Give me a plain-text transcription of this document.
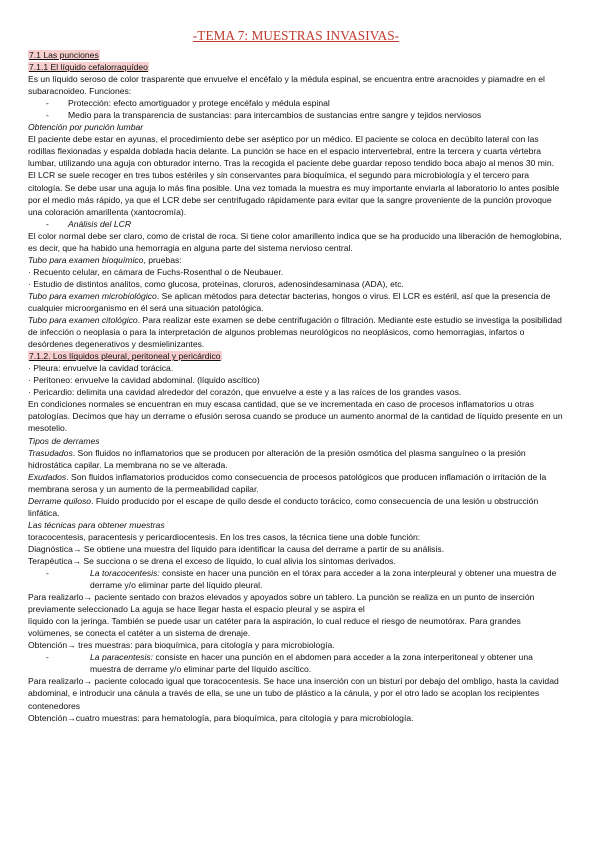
-TEMA 7: MUESTRAS INVASIVAS-

7.1 Las punciones

7.1.1 El líquido cefalorraquídeo

Es un líquido seroso de color trasparente que envuelve el encéfalo y la médula espinal, se encuentra entre aracnoides y piamadre en el subaracnoideo. Funciones:

- Protección: efecto amortiguador y protege encéfalo y médula espinal

- Medio para la transparencia de sustancias: para intercambios de sustancias entre sangre y tejidos nerviosos

Obtención por punción lumbar

El paciente debe estar en ayunas, el procedimiento debe ser aséptico por un médico. El paciente se coloca en decúbito lateral con las rodillas flexionadas y espalda doblada hacia delante. La punción se hace en el espacio intervertebral, entre la tercera y cuarta vértebra lumbar, utilizando una aguja con obturador interno. Tras la recogida el paciente debe guardar reposo tendido boca abajo al menos 30 min. El LCR se suele recoger en tres tubos estériles y sin conservantes para bioquímica, el segundo para microbiología y el tercero para citología. Se debe usar una aguja lo más fina posible. Una vez tomada la muestra es muy importante enviarla al laboratorio lo antes posible por el medio más rápido, ya que el LCR debe ser centrifugado rápidamente para evitar que la sangre proveniente de la punción provoque una coloración amarillenta (xantocromía).

- Análisis del LCR

El color normal debe ser claro, como de cristal de roca. Si tiene color amarillento indica que se ha producido una liberación de hemoglobina, es decir, que ha habido una hemorragia en alguna parte del sistema nervioso central.

Tubo para examen bioquímico, pruebas:

· Recuento celular, en cámara de Fuchs-Rosenthal o de Neubauer.

· Estudio de distintos analitos, como glucosa, proteínas, cloruros, adenosindesaminasa (ADA), etc.

Tubo para examen microbiológico. Se aplican métodos para detectar bacterias, hongos o virus. El LCR es estéril, así que la presencia de cualquier microorganismo en él será una situación patológica.

Tubo para examen citológico. Para realizar este examen se debe centrifugación o filtración. Mediante este estudio se investiga la posibilidad de infección o neoplasia o para la interpretación de algunos problemas neurológicos no neoplásicos, como hemorragias, infartos o desórdenes degenerativos y desmielinizantes.

7.1.2. Los líquidos pleural, peritoneal y pericárdico

· Pleura: envuelve la cavidad torácica.

· Peritoneo: envuelve la cavidad abdominal. (líquido ascítico)

· Pericardio: delimita una cavidad alrededor del corazón, que envuelve a este y a las raíces de los grandes vasos.

En condiciones normales se encuentran en muy escasa cantidad, que se ve incrementada en caso de procesos inflamatorios u otras patologías. Decimos que hay un derrame o efusión serosa cuando se produce un aumento anormal de la cantidad de líquido presente en un mesotelio.

Tipos de derrames

Trasudados. Son fluidos no inflamatorios que se producen por alteración de la presión osmótica del plasma sanguíneo o la presión hidrostática capilar. La membrana no se ve alterada.

Exudados. Son fluidos inflamatorios producidos como consecuencia de procesos patológicos que producen inflamación o irritación de la membrana serosa y un aumento de la permeabilidad capilar.

Derrame quiloso. Fluido producido por el escape de quilo desde el conducto torácico, como consecuencia de una lesión u obstrucción linfática.

Las técnicas para obtener muestras

toracocentesis, paracentesis y pericardiocentesis. En los tres casos, la técnica tiene una doble función:

Diagnóstica→ Se obtiene una muestra del líquido para identificar la causa del derrame a partir de su análisis.

Terapéutica→ Se succiona o se drena el exceso de líquido, lo cual alivia los síntomas derivados.

- La toracocentesis: consiste en hacer una punción en el tórax para acceder a la zona interpleural y obtener una muestra de derrame y/o eliminar parte del líquido pleural.

Para realizarlo→ paciente sentado con brazos elevados y apoyados sobre un tablero. La punción se realiza en un punto de inserción previamente seleccionado La aguja se hace llegar hasta el espacio pleural y se aspira el

líquido con la jeringa. También se puede usar un catéter para la aspiración, lo cual reduce el riesgo de neumotórax. Para grandes volúmenes, se conecta el catéter a un sistema de drenaje.

Obtención→ tres muestras: para bioquímica, para citología y para microbiología.

- La paracentesis: consiste en hacer una punción en el abdomen para acceder a la zona interperitoneal y obtener una muestra de derrame y/o eliminar parte del líquido ascítico.

Para realizarlo→ paciente colocado igual que toracocentesis. Se hace una inserción con un bisturí por debajo del ombligo, hasta la cavidad abdominal, e introducir una cánula a través de ella, se une un tubo de plástico a la cánula, y por el otro lado se acoplan los recipientes contenedores

Obtención→cuatro muestras: para hematología, para bioquímica, para citología y para microbiología.
